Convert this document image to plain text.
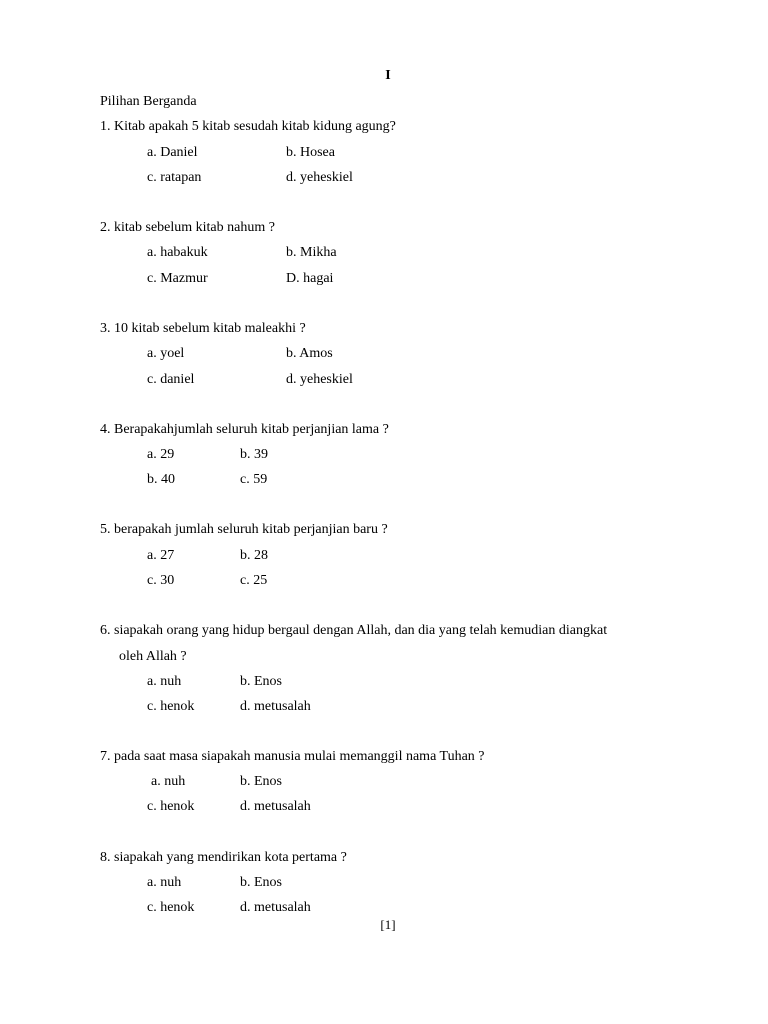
I
Pilihan Berganda
1. Kitab apakah 5 kitab sesudah kitab kidung agung?
a. Daniel	b. Hosea
c. ratapan	d. yeheskiel
2. kitab sebelum kitab nahum ?
a. habakuk	b. Mikha
c. Mazmur	D. hagai
3. 10 kitab sebelum kitab maleakhi ?
a. yoel	b. Amos
c. daniel	d. yeheskiel
4. Berapakahjumlah seluruh kitab perjanjian lama ?
a. 29	b. 39
b. 40	c. 59
5. berapakah jumlah seluruh kitab perjanjian baru ?
a. 27	b. 28
c. 30	c. 25
6. siapakah orang yang hidup bergaul dengan Allah, dan dia yang telah kemudian diangkat
oleh Allah ?
a. nuh	b. Enos
c. henok	d. metusalah
7. pada saat masa siapakah manusia mulai memanggil nama Tuhan ?
a. nuh	b. Enos
c. henok	d. metusalah
8. siapakah yang mendirikan kota pertama ?
a. nuh	b. Enos
c. henok	d. metusalah
[1]
